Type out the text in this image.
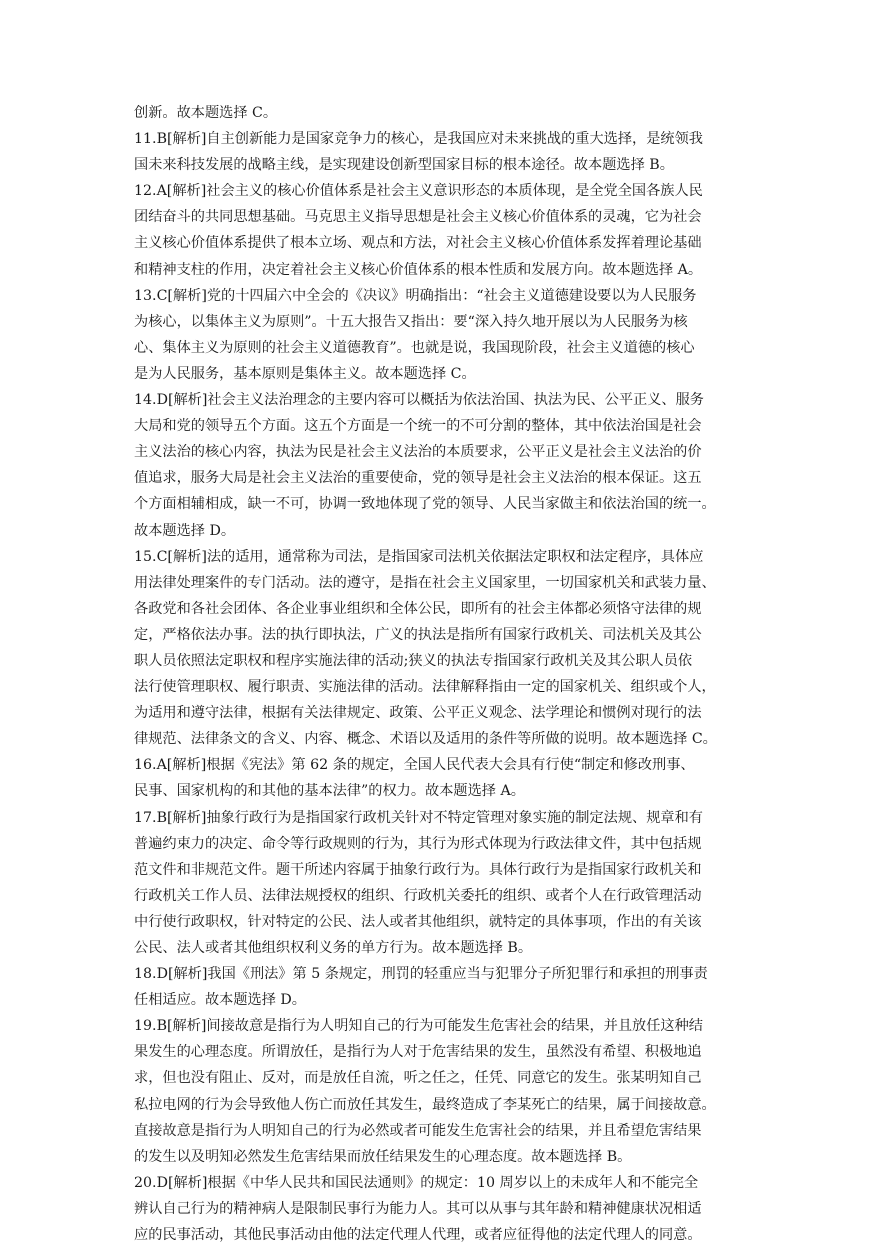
创新。故本题选择 C。
11.B[解析]自主创新能力是国家竞争力的核心，是我国应对未来挑战的重大选择，是统领我
国未来科技发展的战略主线，是实现建设创新型国家目标的根本途径。故本题选择 B。
12.A[解析]社会主义的核心价值体系是社会主义意识形态的本质体现，是全党全国各族人民
团结奋斗的共同思想基础。马克思主义指导思想是社会主义核心价值体系的灵魂，它为社会
主义核心价值体系提供了根本立场、观点和方法，对社会主义核心价值体系发挥着理论基础
和精神支柱的作用，决定着社会主义核心价值体系的根本性质和发展方向。故本题选择 A。
13.C[解析]党的十四届六中全会的《决议》明确指出：“社会主义道德建设要以为人民服务
为核心，以集体主义为原则”。十五大报告又指出：要“深入持久地开展以为人民服务为核
心、集体主义为原则的社会主义道德教育”。也就是说，我国现阶段，社会主义道德的核心
是为人民服务，基本原则是集体主义。故本题选择 C。
14.D[解析]社会主义法治理念的主要内容可以概括为依法治国、执法为民、公平正义、服务
大局和党的领导五个方面。这五个方面是一个统一的不可分割的整体，其中依法治国是社会
主义法治的核心内容，执法为民是社会主义法治的本质要求，公平正义是社会主义法治的价
值追求，服务大局是社会主义法治的重要使命，党的领导是社会主义法治的根本保证。这五
个方面相辅相成，缺一不可，协调一致地体现了党的领导、人民当家做主和依法治国的统一。
故本题选择 D。
15.C[解析]法的适用，通常称为司法，是指国家司法机关依据法定职权和法定程序，具体应
用法律处理案件的专门活动。法的遵守，是指在社会主义国家里，一切国家机关和武装力量、
各政党和各社会团体、各企业事业组织和全体公民，即所有的社会主体都必须恪守法律的规
定，严格依法办事。法的执行即执法，广义的执法是指所有国家行政机关、司法机关及其公
职人员依照法定职权和程序实施法律的活动;狭义的执法专指国家行政机关及其公职人员依
法行使管理职权、履行职责、实施法律的活动。法律解释指由一定的国家机关、组织或个人，
为适用和遵守法律，根据有关法律规定、政策、公平正义观念、法学理论和惯例对现行的法
律规范、法律条文的含义、内容、概念、术语以及适用的条件等所做的说明。故本题选择 C。
16.A[解析]根据《宪法》第 62 条的规定，全国人民代表大会具有行使“制定和修改刑事、
民事、国家机构的和其他的基本法律”的权力。故本题选择 A。
17.B[解析]抽象行政行为是指国家行政机关针对不特定管理对象实施的制定法规、规章和有
普遍约束力的决定、命令等行政规则的行为，其行为形式体现为行政法律文件，其中包括规
范文件和非规范文件。题干所述内容属于抽象行政行为。具体行政行为是指国家行政机关和
行政机关工作人员、法律法规授权的组织、行政机关委托的组织、或者个人在行政管理活动
中行使行政职权，针对特定的公民、法人或者其他组织，就特定的具体事项，作出的有关该
公民、法人或者其他组织权利义务的单方行为。故本题选择 B。
18.D[解析]我国《刑法》第 5 条规定，刑罚的轻重应当与犯罪分子所犯罪行和承担的刑事责
任相适应。故本题选择 D。
19.B[解析]间接故意是指行为人明知自己的行为可能发生危害社会的结果，并且放任这种结
果发生的心理态度。所谓放任，是指行为人对于危害结果的发生，虽然没有希望、积极地追
求，但也没有阻止、反对，而是放任自流，听之任之，任凭、同意它的发生。张某明知自己
私拉电网的行为会导致他人伤亡而放任其发生，最终造成了李某死亡的结果，属于间接故意。
直接故意是指行为人明知自己的行为必然或者可能发生危害社会的结果，并且希望危害结果
的发生以及明知必然发生危害结果而放任结果发生的心理态度。故本题选择 B。
20.D[解析]根据《中华人民共和国民法通则》的规定：10 周岁以上的未成年人和不能完全
辨认自己行为的精神病人是限制民事行为能力人。其可以从事与其年龄和精神健康状况相适
应的民事活动，其他民事活动由他的法定代理人代理，或者应征得他的法定代理人的同意。
